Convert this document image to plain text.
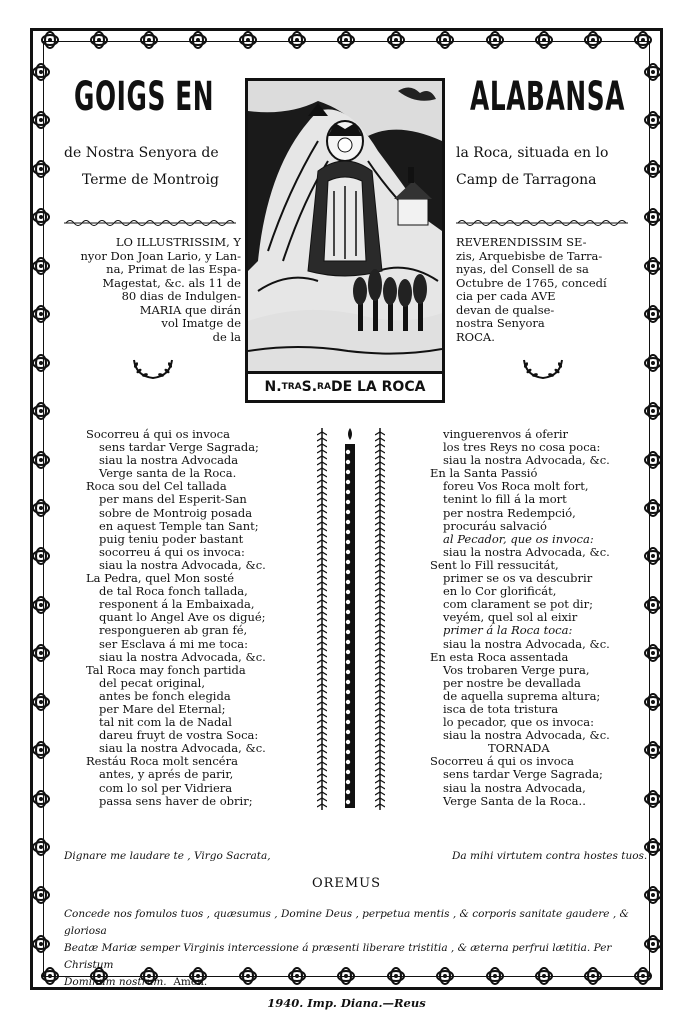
GOIGS EN	ALABANSA
de Nostra Senyora de	la Roca, situada en lo
Terme de Montroig	Camp de Tarragona
LO ILLUSTRISSIM, Y
nyor Don Joan Lario, y Lan-
na, Primat de las Espa-
Magestat, &c. als 11 de
80 dias de Indulgen-
MARIA que dirán
vol Imatge de
de la
REVERENDISSIM SE-
zis, Arquebisbe de Tarra-
nyas, del Consell de sa
Octubre de 1765, concedí
cia per cada AVE
devan de qualse-
nostra Senyora
ROCA.
N. TRA S. RA DE LA ROCA
Socorreu á qui os invoca
sens tardar Verge Sagrada;
siau la nostra Advocada
Verge santa de la Roca.
Roca sou del Cel tallada
per mans del Esperit-San
sobre de Montroig posada
en aquest Temple tan Sant;
puig teniu poder bastant
socorreu á qui os invoca:
siau la nostra Advocada, &c.
La Pedra, quel Mon sosté
de tal Roca fonch tallada,
responent á la Embaixada,
quant lo Angel Ave os digué;
respongueren ab gran fé,
ser Esclava á mi me toca:
siau la nostra Advocada, &c.
Tal Roca may fonch partida
del pecat original,
antes be fonch elegida
per Mare del Eternal;
tal nit com la de Nadal
dareu fruyt de vostra Soca:
siau la nostra Advocada, &c.
Restáu Roca molt sencéra
antes, y aprés de parir,
com lo sol per Vidriera
passa sens haver de obrir;
vinguerenvos á oferir
los tres Reys no cosa poca:
siau la nostra Advocada, &c.
En la Santa Passió
foreu Vos Roca molt fort,
tenint lo fill á la mort
per nostra Redempció,
procuráu salvació
al Pecador, que os invoca:
siau la nostra Advocada, &c.
Sent lo Fill ressucitát,
primer se os va descubrir
en lo Cor glorificát,
com clarament se pot dir;
veyém, quel sol al eixir
primer á la Roca toca:
siau la nostra Advocada, &c.
En esta Roca assentada
Vos trobaren Verge pura,
per nostre be devallada
de aquella suprema altura;
isca de tota tristura
lo pecador, que os invoca:
siau la nostra Advocada, &c.
TORNADA
Socorreu á qui os invoca
sens tardar Verge Sagrada;
siau la nostra Advocada,
Verge Santa de la Roca..
Dignare me laudare te , Virgo Sacrata,	Da mihi virtutem contra hostes tuos.
OREMUS
Concede nos fomulos tuos , quæsumus , Domine Deus , perpetua mentis , & corporis sanitate gaudere , & gloriosa
Beatæ Mariæ semper Virginis intercessione á præsenti liberare tristitia , & æterna perfrui lætitia. Per Christum
Dominum nostrum. Amen.
1940. Imp. Diana.—Reus
